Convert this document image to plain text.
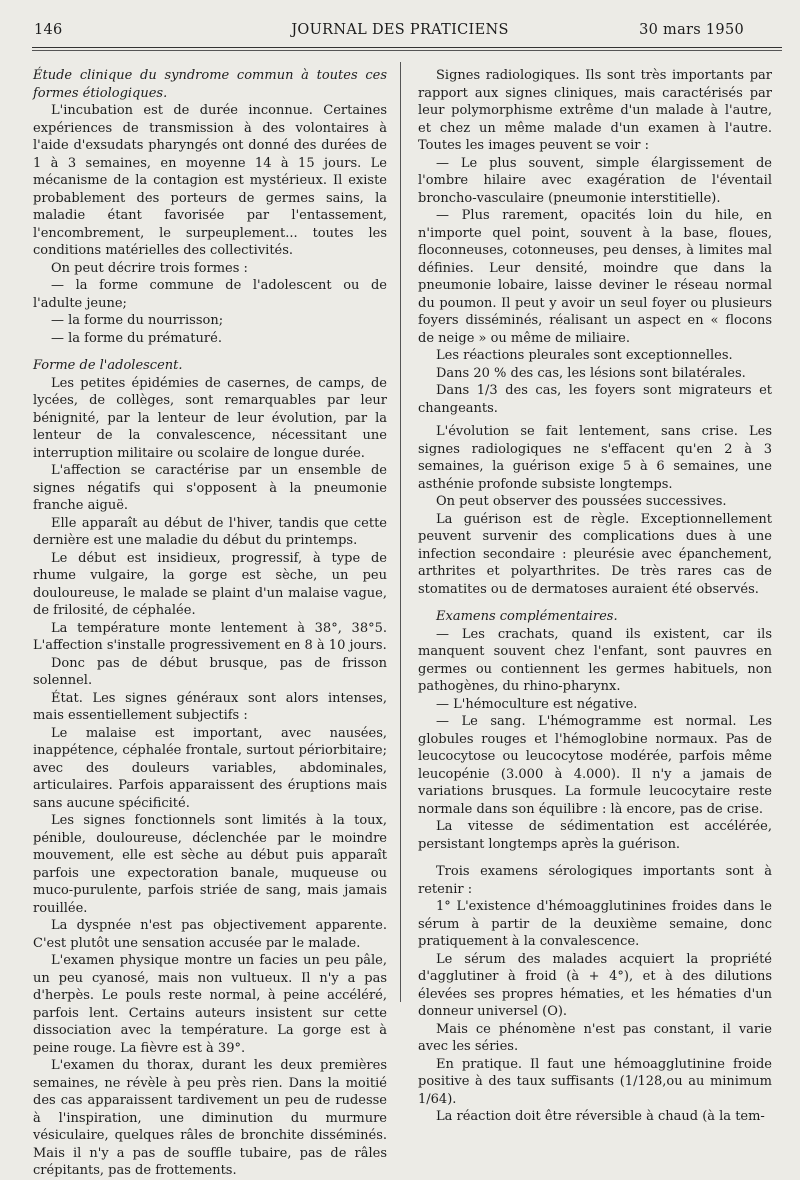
146	JOURNAL DES PRATICIENS	30 mars 1950

Étude clinique du syndrome commun à toutes ces formes étiologiques.

L'incubation est de durée inconnue. Certaines expériences de transmission à des volontaires à l'aide d'exsudats pharyngés ont donné des durées de 1 à 3 semaines, en moyenne 14 à 15 jours. Le mécanisme de la contagion est mystérieux. Il existe probablement des porteurs de germes sains, la maladie étant favorisée par l'entassement, l'encombrement, le surpeuplement... toutes les conditions matérielles des collectivités.

On peut décrire trois formes :

— la forme commune de l'adolescent ou de l'adulte jeune;

— la forme du nourrisson;

— la forme du prématuré.

Forme de l'adolescent.

Les petites épidémies de casernes, de camps, de lycées, de collèges, sont remarquables par leur bénignité, par la lenteur de leur évolution, par la lenteur de la convalescence, nécessitant une interruption militaire ou scolaire de longue durée.

L'affection se caractérise par un ensemble de signes négatifs qui s'opposent à la pneumonie franche aiguë.

Elle apparaît au début de l'hiver, tandis que cette dernière est une maladie du début du printemps.

Le début est insidieux, progressif, à type de rhume vulgaire, la gorge est sèche, un peu douloureuse, le malade se plaint d'un malaise vague, de frilosité, de céphalée.

La température monte lentement à 38°, 38°5. L'affection s'installe progressivement en 8 à 10 jours.

Donc pas de début brusque, pas de frisson solennel.

État. Les signes généraux sont alors intenses, mais essentiellement subjectifs :

Le malaise est important, avec nausées, inappétence, céphalée frontale, surtout périorbitaire; avec des douleurs variables, abdominales, articulaires. Parfois apparaissent des éruptions mais sans aucune spécificité.

Les signes fonctionnels sont limités à la toux, pénible, douloureuse, déclenchée par le moindre mouvement, elle est sèche au début puis apparaît parfois une expectoration banale, muqueuse ou muco-purulente, parfois striée de sang, mais jamais rouillée.

La dyspnée n'est pas objectivement apparente. C'est plutôt une sensation accusée par le malade.

L'examen physique montre un facies un peu pâle, un peu cyanosé, mais non vultueux. Il n'y a pas d'herpès. Le pouls reste normal, à peine accéléré, parfois lent. Certains auteurs insistent sur cette dissociation avec la température. La gorge est à peine rouge. La fièvre est à 39°.

L'examen du thorax, durant les deux premières semaines, ne révèle à peu près rien. Dans la moitié des cas apparaissent tardivement un peu de rudesse à l'inspiration, une diminution du murmure vésiculaire, quelques râles de bronchite disséminés. Mais il n'y a pas de souffle tubaire, pas de râles crépitants, pas de frottements.

Signes radiologiques. Ils sont très importants par rapport aux signes cliniques, mais caractérisés par leur polymorphisme extrême d'un malade à l'autre, et chez un même malade d'un examen à l'autre. Toutes les images peuvent se voir :

— Le plus souvent, simple élargissement de l'ombre hilaire avec exagération de l'éventail broncho-vasculaire (pneumonie interstitielle).

— Plus rarement, opacités loin du hile, en n'importe quel point, souvent à la base, floues, floconneuses, cotonneuses, peu denses, à limites mal définies. Leur densité, moindre que dans la pneumonie lobaire, laisse deviner le réseau normal du poumon. Il peut y avoir un seul foyer ou plusieurs foyers disséminés, réalisant un aspect en « flocons de neige » ou même de miliaire.

Les réactions pleurales sont exceptionnelles.

Dans 20 % des cas, les lésions sont bilatérales.

Dans 1/3 des cas, les foyers sont migrateurs et changeants.

L'évolution se fait lentement, sans crise. Les signes radiologiques ne s'effacent qu'en 2 à 3 semaines, la guérison exige 5 à 6 semaines, une asthénie profonde subsiste longtemps.

On peut observer des poussées successives.

La guérison est de règle. Exceptionnellement peuvent survenir des complications dues à une infection secondaire : pleurésie avec épanchement, arthrites et polyarthrites. De très rares cas de stomatites ou de dermatoses auraient été observés.

Examens complémentaires.

— Les crachats, quand ils existent, car ils manquent souvent chez l'enfant, sont pauvres en germes ou contiennent les germes habituels, non pathogènes, du rhino-pharynx.

— L'hémoculture est négative.

— Le sang. L'hémogramme est normal. Les globules rouges et l'hémoglobine normaux. Pas de leucocytose ou leucocytose modérée, parfois même leucopénie (3.000 à 4.000). Il n'y a jamais de variations brusques. La formule leucocytaire reste normale dans son équilibre : là encore, pas de crise.

La vitesse de sédimentation est accélérée, persistant longtemps après la guérison.

Trois examens sérologiques importants sont à retenir :

1° L'existence d'hémoagglutinines froides dans le sérum à partir de la deuxième semaine, donc pratiquement à la convalescence.

Le sérum des malades acquiert la propriété d'agglutiner à froid (à + 4°), et à des dilutions élevées ses propres hématies, et les hématies d'un donneur universel (O).

Mais ce phénomène n'est pas constant, il varie avec les séries.

En pratique. Il faut une hémoagglutinine froide positive à des taux suffisants (1/128,ou au minimum 1/64).

La réaction doit être réversible à chaud (à la tem-
